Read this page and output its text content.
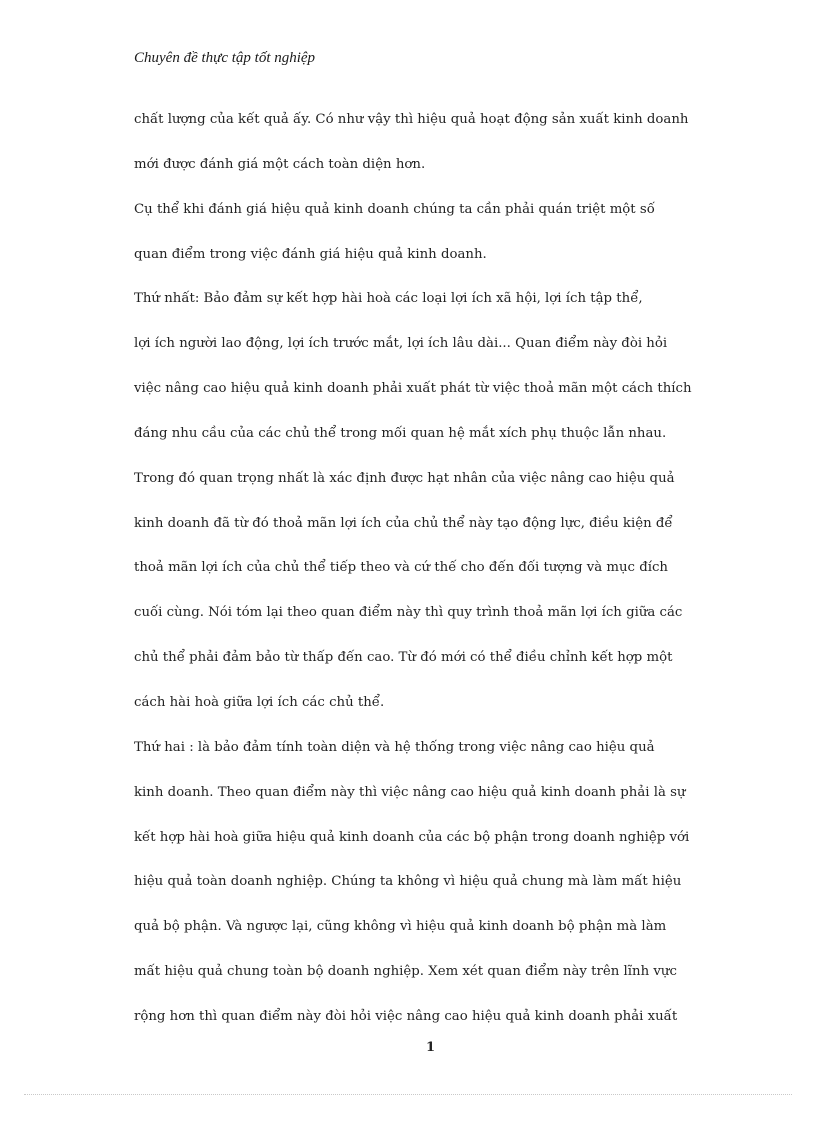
Chuyên đề thực tập tốt nghiệp
chất lượng của kết quả ấy. Có như vậy thì hiệu quả hoạt động sản xuất kinh doanh
mới được đánh giá một cách toàn diện hơn.
Cụ thể khi đánh giá hiệu quả kinh doanh chúng ta cần phải quán triệt một số
quan điểm trong việc đánh giá hiệu quả kinh doanh.
Thứ nhất: Bảo đảm sự kết hợp hài hoà các loại lợi ích xã hội, lợi ích tập thể,
lợi ích người lao động, lợi ích trước mắt, lợi ích lâu dài... Quan điểm này đòi hỏi
việc nâng cao hiệu quả kinh doanh phải xuất phát từ việc thoả mãn một cách thích
đáng nhu cầu của các chủ thể trong mối quan hệ mắt xích phụ thuộc lẫn nhau.
Trong đó quan trọng nhất là xác định được hạt nhân của việc nâng cao hiệu quả
kinh doanh đã từ đó thoả mãn lợi ích của chủ thể này tạo động lực, điều kiện để
thoả mãn lợi ích của chủ thể tiếp theo và cứ thế cho đến đối tượng và mục đích
cuối cùng. Nói tóm lại theo quan điểm này thì quy trình thoả mãn lợi ích giữa các
chủ thể phải đảm bảo từ thấp đến cao. Từ đó mới có thể điều chỉnh kết hợp một
cách hài hoà giữa lợi ích các chủ thể.
Thứ hai : là bảo đảm tính toàn diện và hệ thống trong việc nâng cao hiệu quả
kinh doanh. Theo quan điểm này thì việc nâng cao hiệu quả kinh doanh phải là sự
kết hợp hài hoà giữa hiệu quả kinh doanh của các bộ phận trong doanh nghiệp với
hiệu quả toàn doanh nghiệp. Chúng ta không vì hiệu quả chung mà làm mất hiệu
quả bộ phận. Và ngược lại, cũng không vì hiệu quả kinh doanh bộ phận mà làm
mất hiệu quả chung toàn bộ doanh nghiệp. Xem xét quan điểm này trên lĩnh vực
rộng hơn thì quan điểm này đòi hỏi việc nâng cao hiệu quả kinh doanh phải xuất
1
